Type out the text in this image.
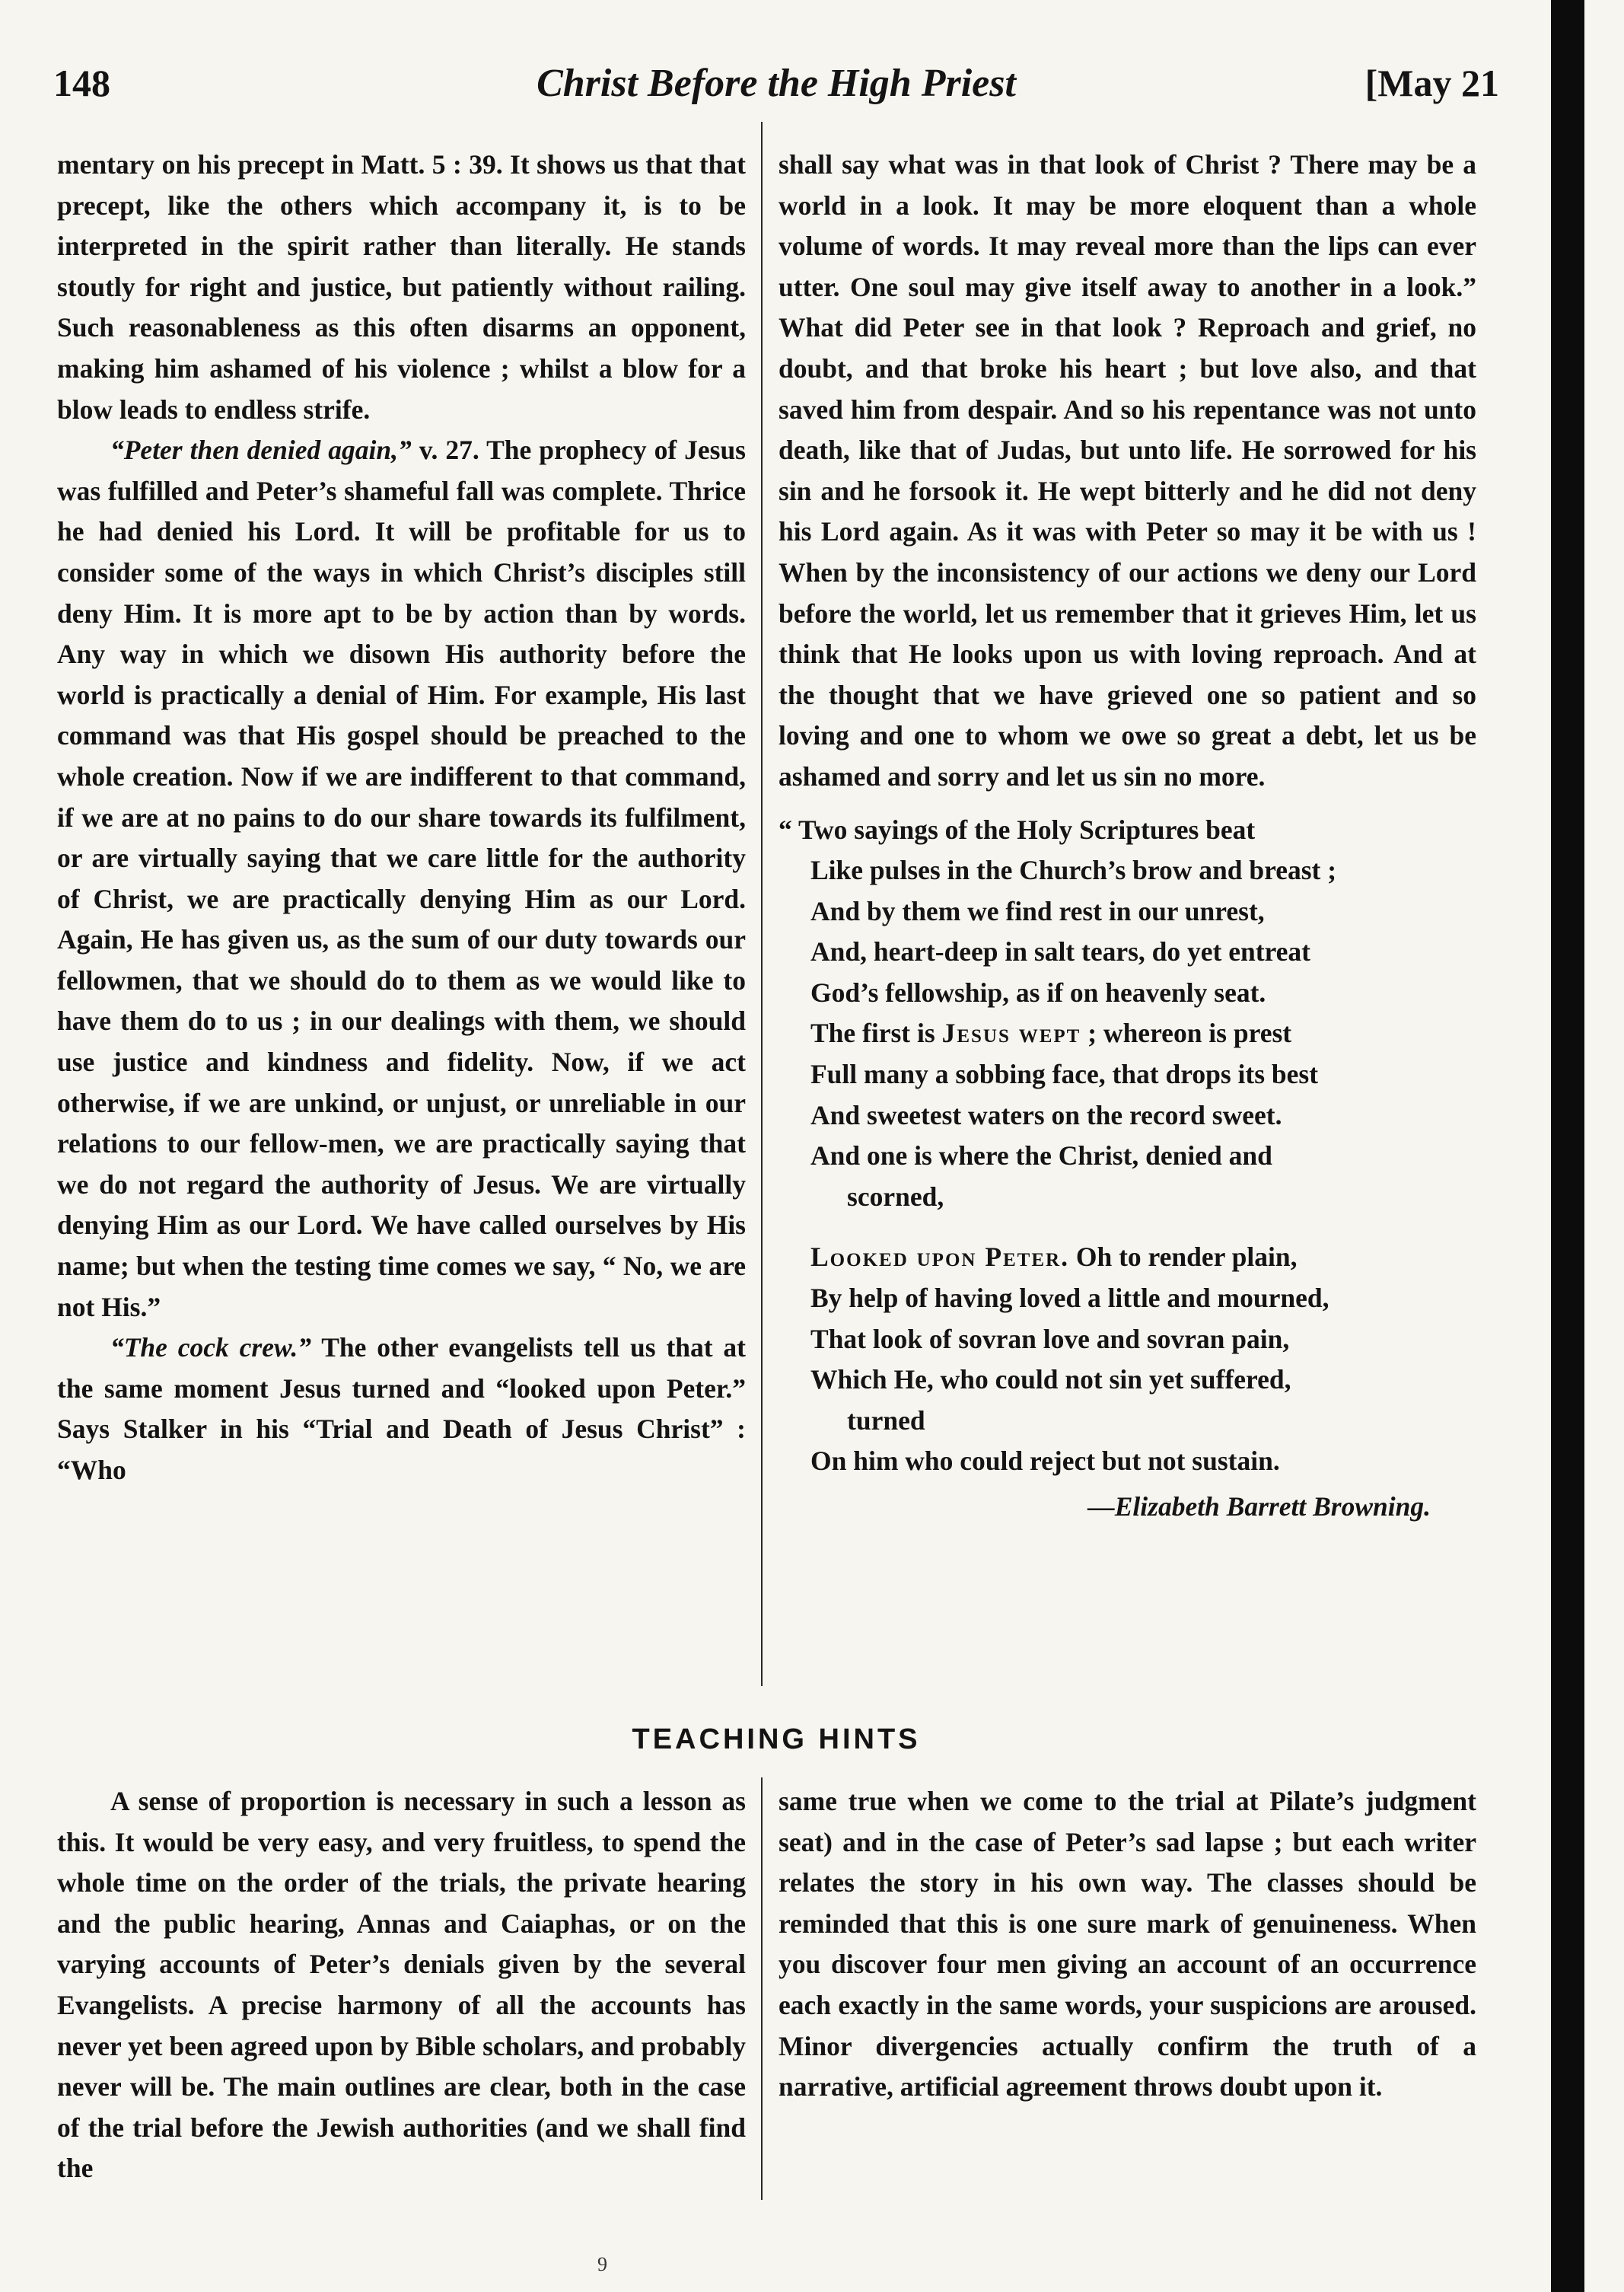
148	Christ Before the High Priest	[May 21

mentary on his precept in Matt. 5 : 39. It shows us that that precept, like the others which accompany it, is to be interpreted in the spirit rather than literally. He stands stoutly for right and justice, but patiently without railing. Such reasonableness as this often disarms an opponent, making him ashamed of his violence ; whilst a blow for a blow leads to endless strife.

“Peter then denied again,” v. 27. The prophecy of Jesus was fulfilled and Peter’s shameful fall was complete. Thrice he had denied his Lord. It will be profitable for us to consider some of the ways in which Christ’s disciples still deny Him. It is more apt to be by action than by words. Any way in which we disown His authority before the world is practically a denial of Him. For example, His last command was that His gospel should be preached to the whole creation. Now if we are indifferent to that command, if we are at no pains to do our share towards its fulfilment, or are virtually saying that we care little for the authority of Christ, we are practically denying Him as our Lord. Again, He has given us, as the sum of our duty towards our fellowmen, that we should do to them as we would like to have them do to us ; in our dealings with them, we should use justice and kindness and fidelity. Now, if we act otherwise, if we are unkind, or unjust, or unreliable in our relations to our fellow-men, we are practically saying that we do not regard the authority of Jesus. We are virtually denying Him as our Lord. We have called ourselves by His name; but when the testing time comes we say, “ No, we are not His.”

“The cock crew.” The other evangelists tell us that at the same moment Jesus turned and “looked upon Peter.” Says Stalker in his “Trial and Death of Jesus Christ” : “Who

shall say what was in that look of Christ ? There may be a world in a look. It may be more eloquent than a whole volume of words. It may reveal more than the lips can ever utter. One soul may give itself away to another in a look.” What did Peter see in that look ? Reproach and grief, no doubt, and that broke his heart ; but love also, and that saved him from despair. And so his repentance was not unto death, like that of Judas, but unto life. He sorrowed for his sin and he forsook it. He wept bitterly and he did not deny his Lord again. As it was with Peter so may it be with us ! When by the inconsistency of our actions we deny our Lord before the world, let us remember that it grieves Him, let us think that He looks upon us with loving reproach. And at the thought that we have grieved one so patient and so loving and one to whom we owe so great a debt, let us be ashamed and sorry and let us sin no more.

“ Two sayings of the Holy Scriptures beat
Like pulses in the Church’s brow and breast ;
And by them we find rest in our unrest,
And, heart-deep in salt tears, do yet entreat
God’s fellowship, as if on heavenly seat.
The first is Jesus wept ; whereon is prest
Full many a sobbing face, that drops its best
And sweetest waters on the record sweet.
And one is where the Christ, denied and
scorned,
Looked upon Peter. Oh to render plain,
By help of having loved a little and mourned,
That look of sovran love and sovran pain,
Which He, who could not sin yet suffered,
turned
On him who could reject but not sustain.
—Elizabeth Barrett Browning.
TEACHING HINTS

A sense of proportion is necessary in such a lesson as this. It would be very easy, and very fruitless, to spend the whole time on the order of the trials, the private hearing and the public hearing, Annas and Caiaphas, or on the varying accounts of Peter’s denials given by the several Evangelists. A precise harmony of all the accounts has never yet been agreed upon by Bible scholars, and probably never will be. The main outlines are clear, both in the case of the trial before the Jewish authorities (and we shall find the

same true when we come to the trial at Pilate’s judgment seat) and in the case of Peter’s sad lapse ; but each writer relates the story in his own way. The classes should be reminded that this is one sure mark of genuineness. When you discover four men giving an account of an occurrence each exactly in the same words, your suspicions are aroused. Minor divergencies actually confirm the truth of a narrative, artificial agreement throws doubt upon it.

9
